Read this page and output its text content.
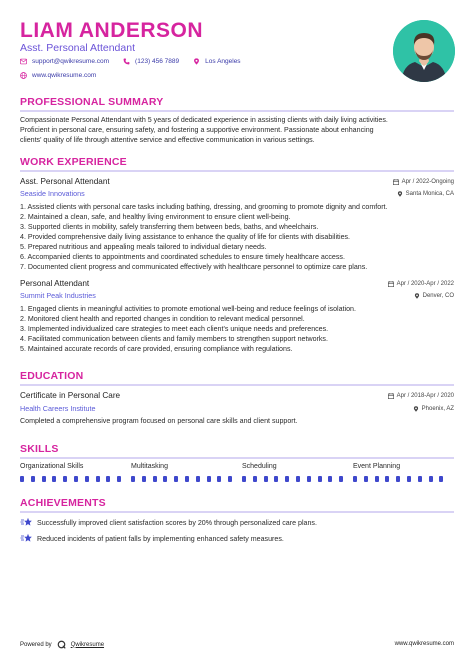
LIAM ANDERSON
Asst. Personal Attendant
support@qwikresume.com	(123) 456 7889	Los Angeles
www.qwikresume.com
PROFESSIONAL SUMMARY
Compassionate Personal Attendant with 5 years of dedicated experience in assisting clients with daily living activities.
Proficient in personal care, ensuring safety, and fostering a supportive environment. Passionate about enhancing
clients' quality of life through attentive service and effective communication in various settings.
WORK EXPERIENCE
Asst. Personal Attendant	Apr / 2022-Ongoing
Seaside Innovations	Santa Monica, CA
1. Assisted clients with personal care tasks including bathing, dressing, and grooming to promote dignity and comfort.
2. Maintained a clean, safe, and healthy living environment to ensure client well-being.
3. Supported clients in mobility, safely transferring them between beds, baths, and wheelchairs.
4. Provided comprehensive daily living assistance to enhance the quality of life for clients with disabilities.
5. Prepared nutritious and appealing meals tailored to individual dietary needs.
6. Accompanied clients to appointments and coordinated schedules to ensure timely healthcare access.
7. Documented client progress and communicated effectively with healthcare personnel to optimize care plans.
Personal Attendant	Apr / 2020-Apr / 2022
Summit Peak Industries	Denver, CO
1. Engaged clients in meaningful activities to promote emotional well-being and reduce feelings of isolation.
2. Monitored client health and reported changes in condition to relevant medical personnel.
3. Implemented individualized care strategies to meet each client's unique needs and preferences.
4. Facilitated communication between clients and family members to strengthen support networks.
5. Maintained accurate records of care provided, ensuring compliance with regulations.
EDUCATION
Certificate in Personal Care	Apr / 2018-Apr / 2020
Health Careers Institute	Phoenix, AZ
Completed a comprehensive program focused on personal care skills and client support.
SKILLS
Organizational Skills	Multitasking	Scheduling	Event Planning
ACHIEVEMENTS
Successfully improved client satisfaction scores by 20% through personalized care plans.
Reduced incidents of patient falls by implementing enhanced safety measures.
Powered by	Qwikresume	www.qwikresume.com
